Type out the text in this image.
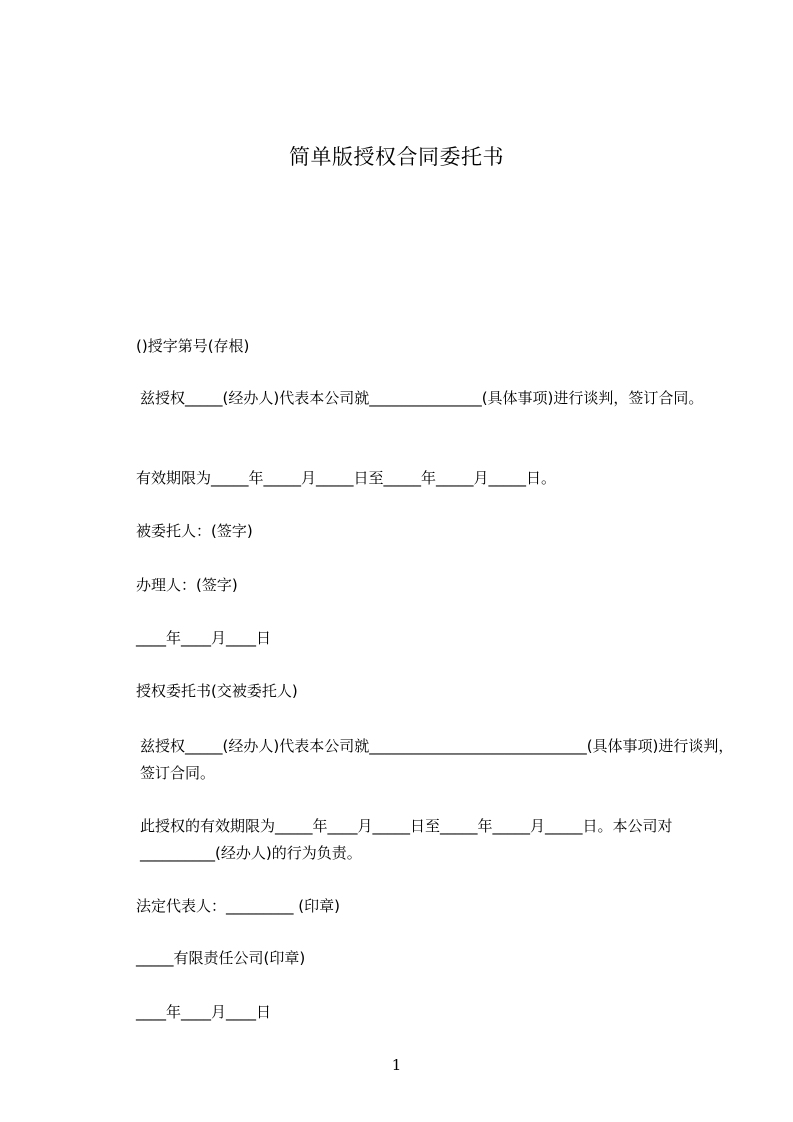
简单版授权合同委托书
()授字第号(存根)
兹授权_____(经办人)代表本公司就_______________(具体事项)进行谈判，签订合同。
有效期限为_____年_____月_____日至_____年_____月_____日。
被委托人：(签字)
办理人：(签字)
____年____月____日
授权委托书(交被委托人)
兹授权_____(经办人)代表本公司就_____________________________(具体事项)进行谈判，签订合同。
此授权的有效期限为_____年____月_____日至_____年_____月_____日。本公司对__________(经办人)的行为负责。
法定代表人：_________ (印章)
_____有限责任公司(印章)
____年____月____日
1
